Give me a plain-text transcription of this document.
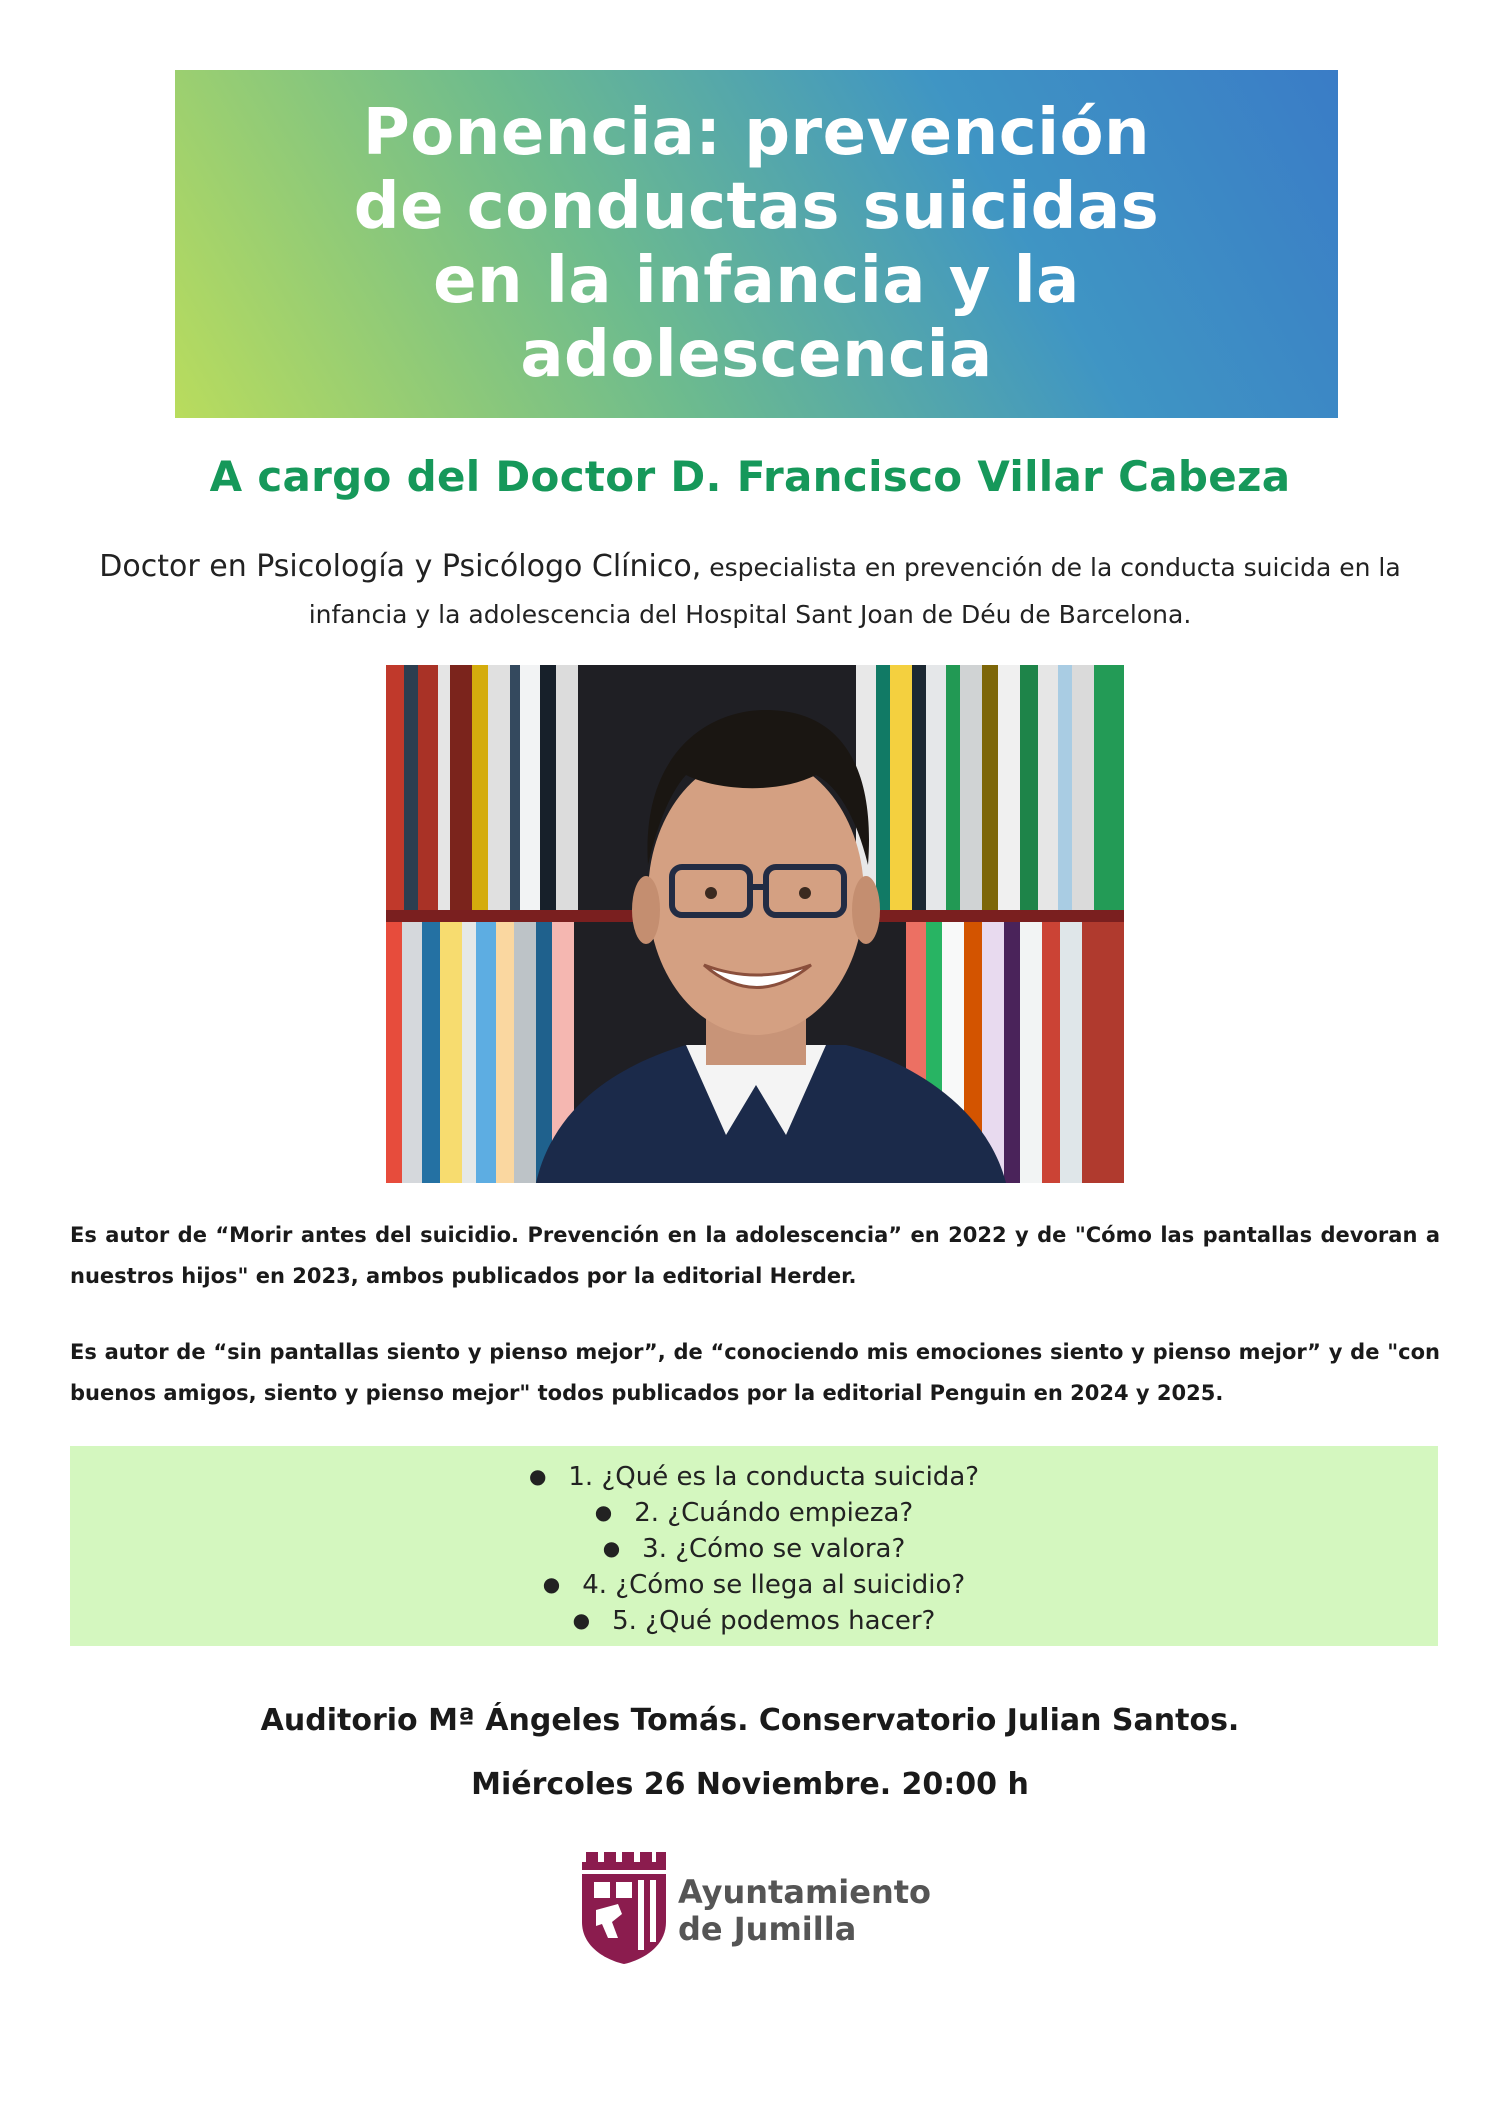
Ponencia: prevención de conductas suicidas en la infancia y la adolescencia
A cargo del Doctor D. Francisco Villar Cabeza
Doctor en Psicología y Psicólogo Clínico, especialista en prevención de la conducta suicida en la infancia y la adolescencia del Hospital Sant Joan de Déu de Barcelona.
Es autor de “Morir antes del suicidio. Prevención en la adolescencia” en 2022 y de "Cómo las pantallas devoran a nuestros hijos" en 2023, ambos publicados por la editorial Herder.
Es autor de “sin pantallas siento y pienso mejor”, de “conociendo mis emociones siento y pienso mejor” y de "con buenos amigos, siento y pienso mejor" todos publicados por la editorial Penguin en 2024 y 2025.
● 1. ¿Qué es la conducta suicida?
● 2. ¿Cuándo empieza?
● 3. ¿Cómo se valora?
● 4. ¿Cómo se llega al suicidio?
● 5. ¿Qué podemos hacer?
Auditorio Mª Ángeles Tomás. Conservatorio Julian Santos.
Miércoles 26 Noviembre. 20:00 h
Ayuntamiento
de Jumilla
